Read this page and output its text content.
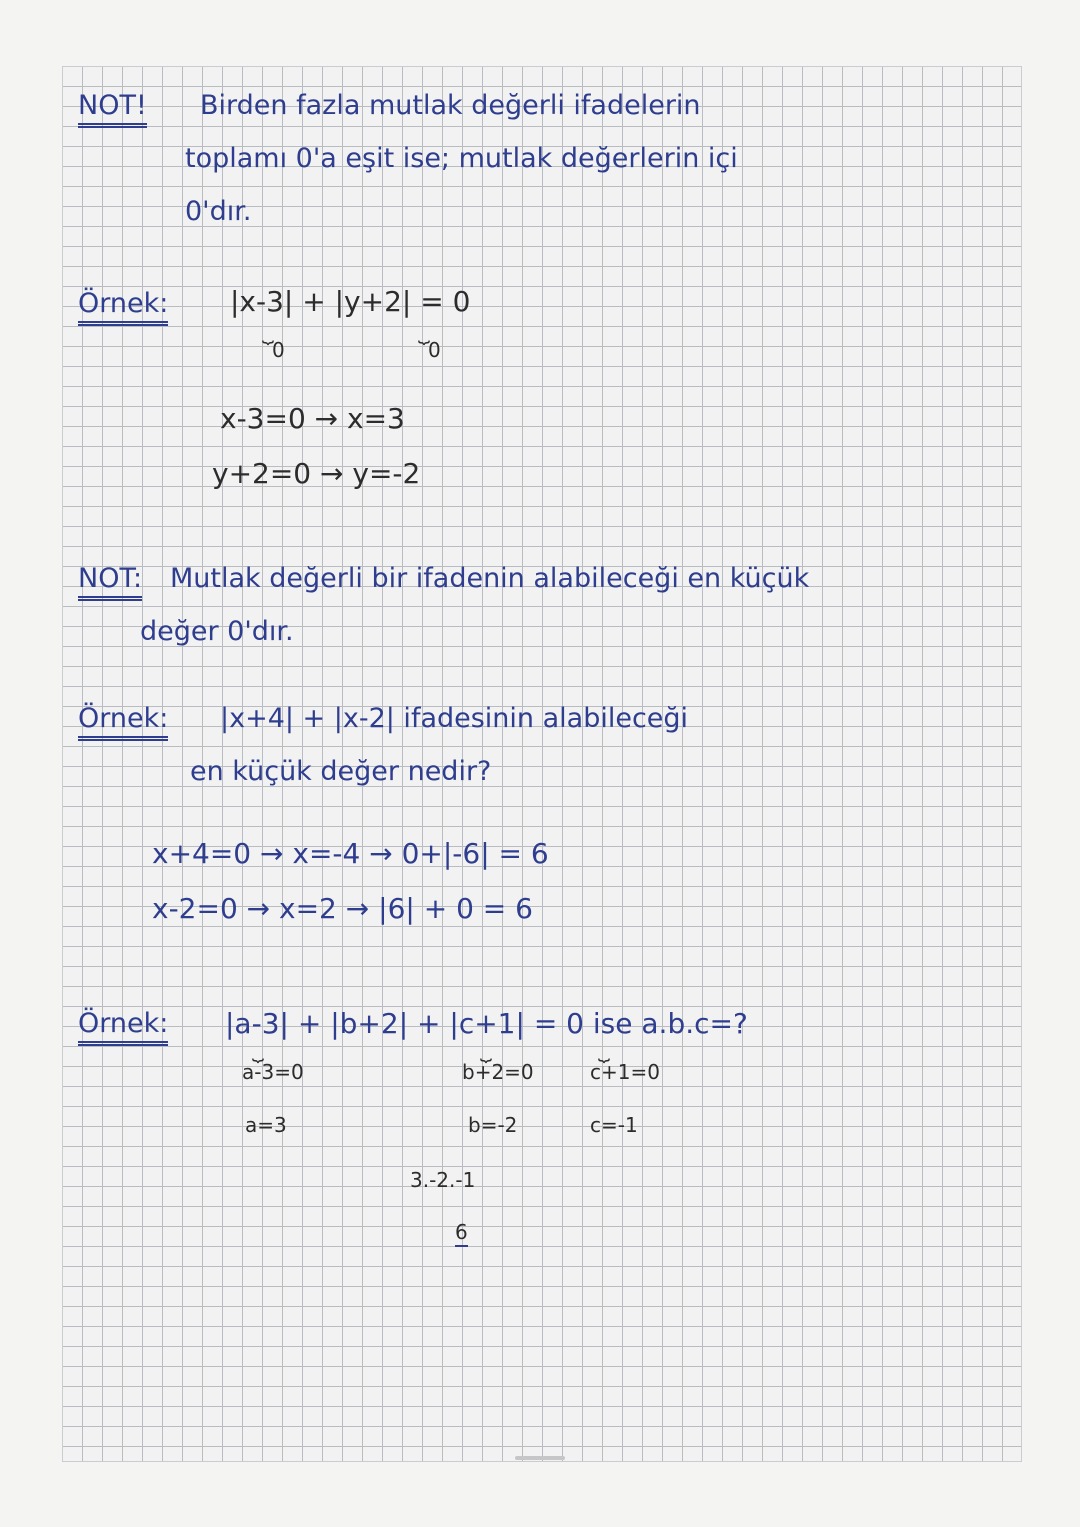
NOT! Birden fazla mutlak değerli ifadelerin
toplamı 0'a eşit ise; mutlak değerlerin içi
0'dır.
Örnek: |x-3| + |y+2| = 0
⏟
0
⏟
0
x-3=0 → x=3
y+2=0 → y=-2
NOT: Mutlak değerli bir ifadenin alabileceği en küçük
değer 0'dır.
Örnek: |x+4| + |x-2| ifadesinin alabileceği
en küçük değer nedir?
x+4=0 → x=-4 → 0+|-6| = 6
x-2=0 → x=2 → |6| + 0 = 6
Örnek: |a-3| + |b+2| + |c+1| = 0 ise a.b.c=?
⏟	⏟	⏟
a-3=0	b+2=0	c+1=0
a=3	b=-2	c=-1
3.-2.-1
6
